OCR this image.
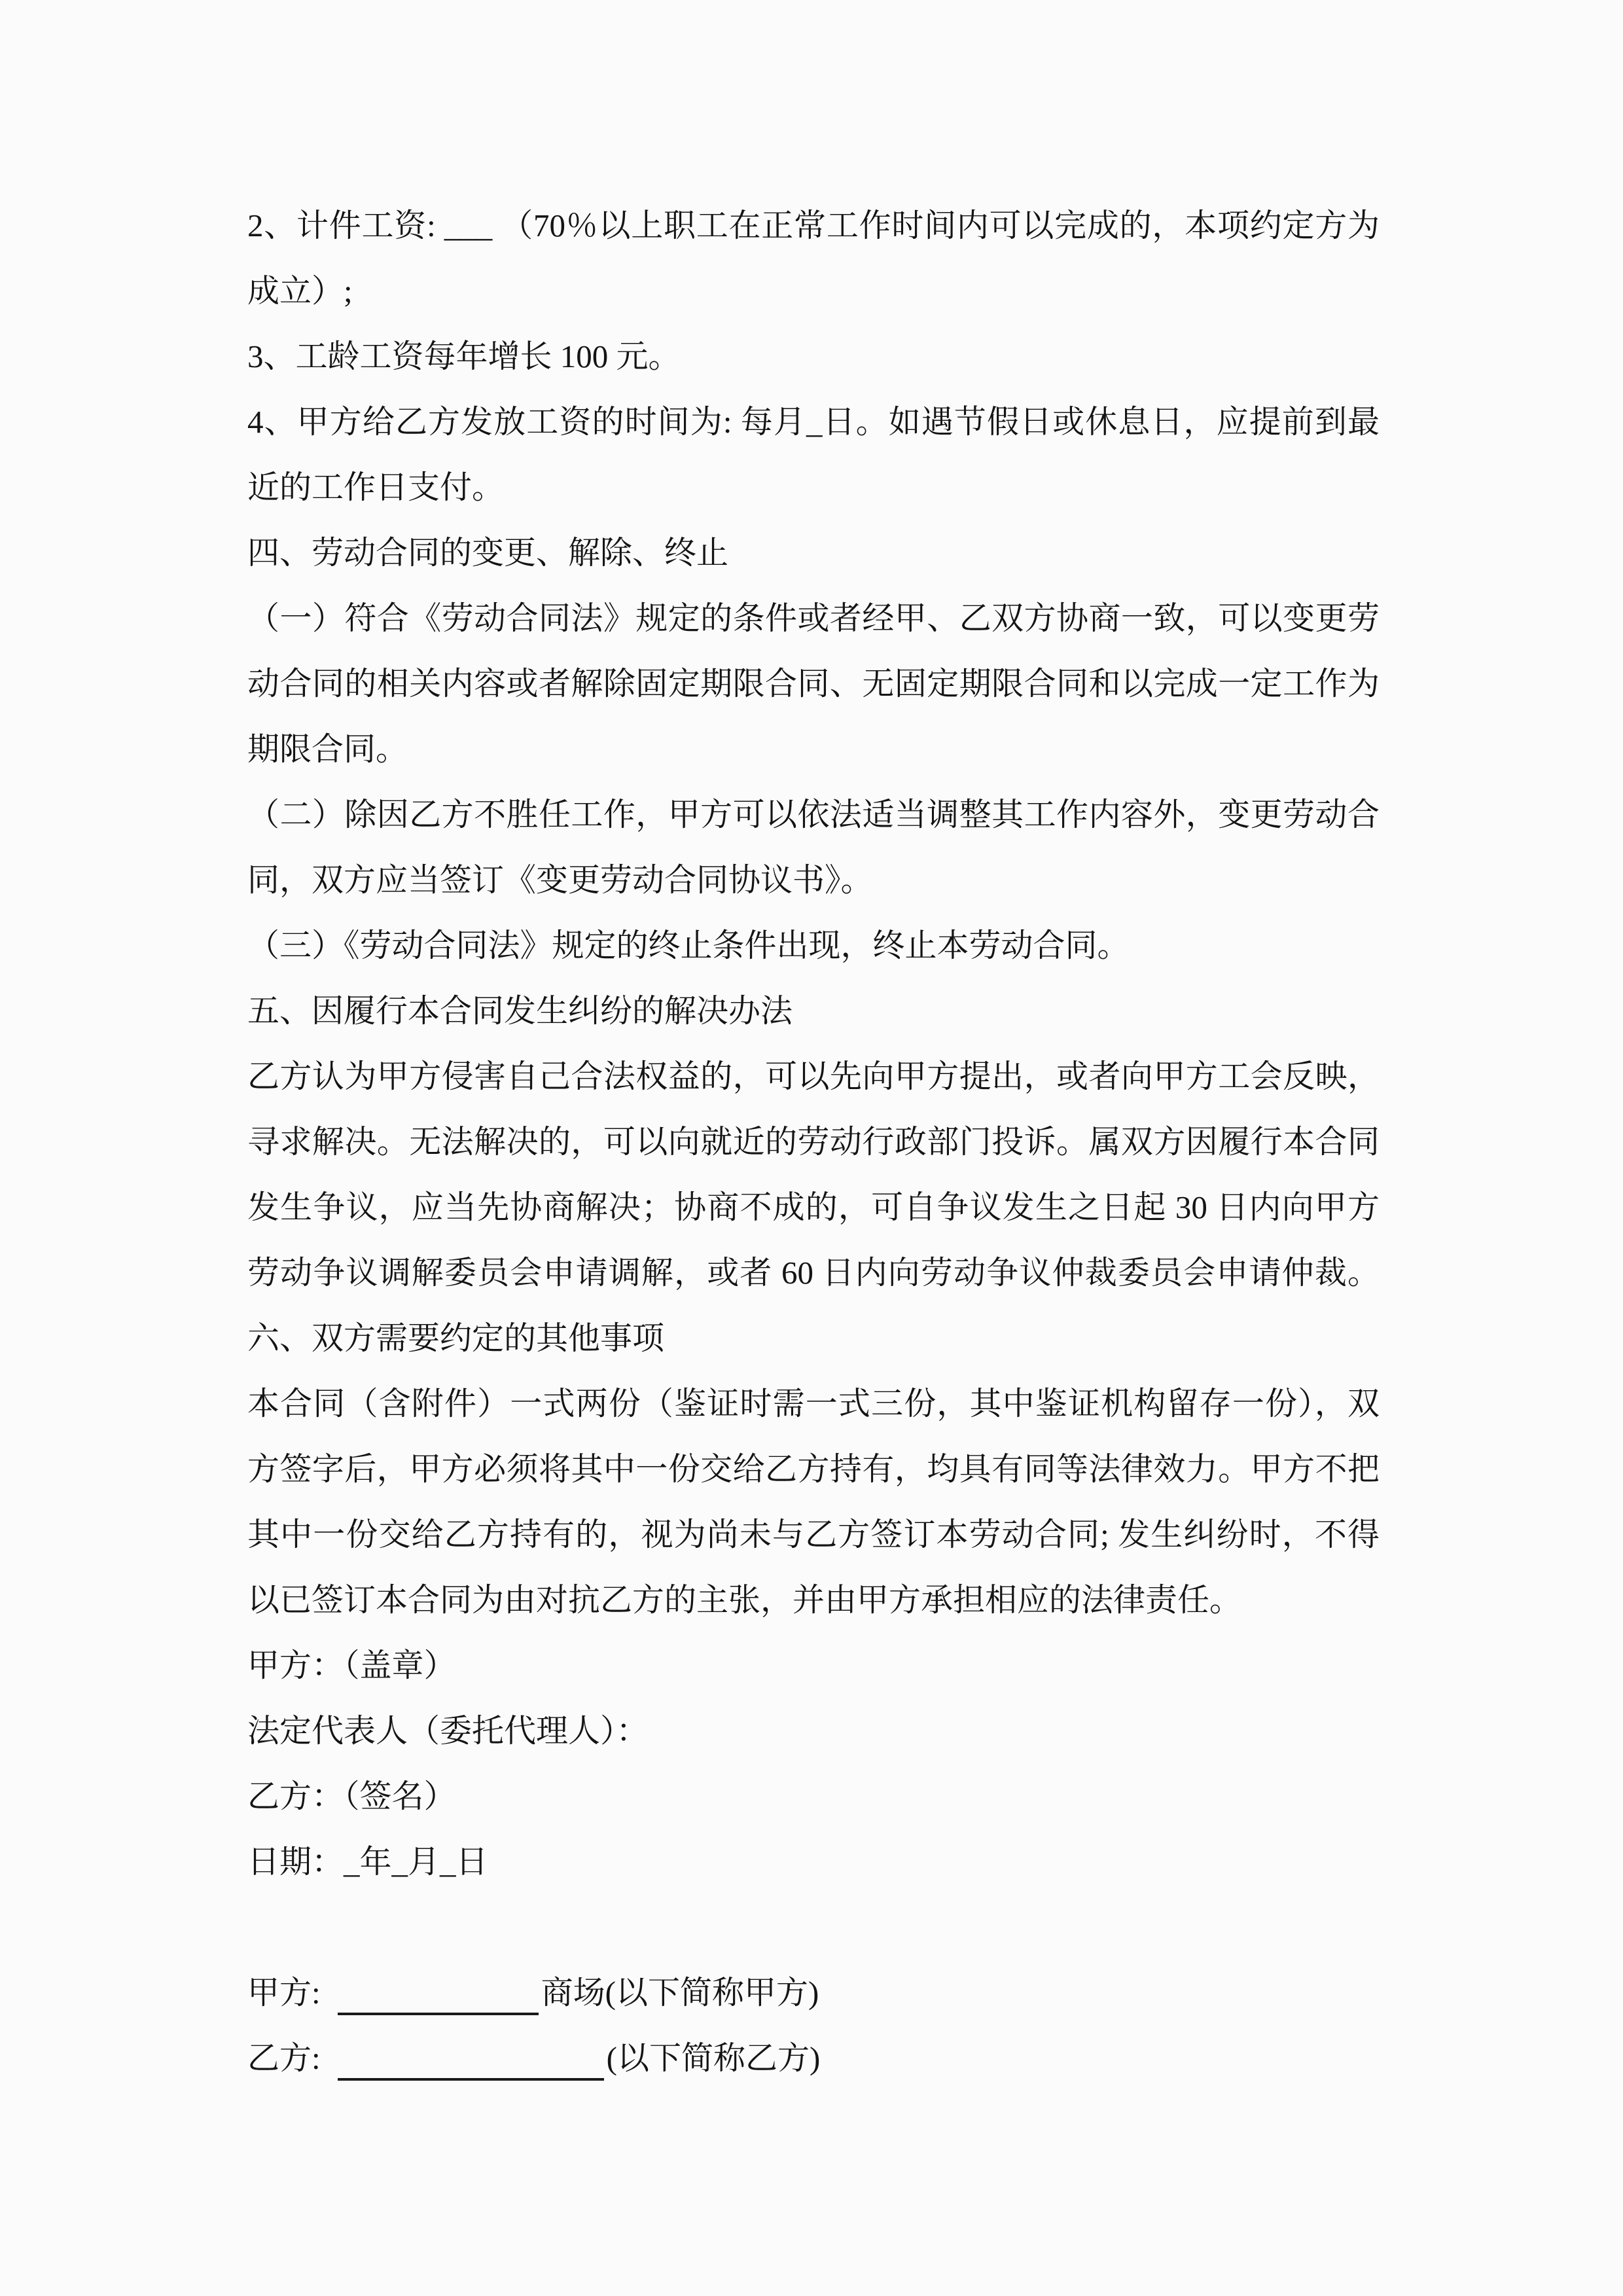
2、计件工资: ___ （70％以上职工在正常工作时间内可以完成的，本项约定方为
成立）;
3、工龄工资每年增长 100 元。
4、甲方给乙方发放工资的时间为: 每月_日。如遇节假日或休息日，应提前到最
近的工作日支付。
四、劳动合同的变更、解除、终止
（一）符合《劳动合同法》规定的条件或者经甲、乙双方协商一致，可以变更劳
动合同的相关内容或者解除固定期限合同、无固定期限合同和以完成一定工作为
期限合同。
（二）除因乙方不胜任工作，甲方可以依法适当调整其工作内容外，变更劳动合
同，双方应当签订《变更劳动合同协议书》。
（三）《劳动合同法》规定的终止条件出现，终止本劳动合同。
五、因履行本合同发生纠纷的解决办法
乙方认为甲方侵害自己合法权益的，可以先向甲方提出，或者向甲方工会反映，
寻求解决。无法解决的，可以向就近的劳动行政部门投诉。属双方因履行本合同
发生争议，应当先协商解决；协商不成的，可自争议发生之日起 30 日内向甲方
劳动争议调解委员会申请调解，或者 60 日内向劳动争议仲裁委员会申请仲裁。
六、双方需要约定的其他事项
本合同（含附件）一式两份（鉴证时需一式三份，其中鉴证机构留存一份），双
方签字后，甲方必须将其中一份交给乙方持有，均具有同等法律效力。甲方不把
其中一份交给乙方持有的，视为尚未与乙方签订本劳动合同; 发生纠纷时，不得
以已签订本合同为由对抗乙方的主张，并由甲方承担相应的法律责任。
甲方：（盖章）
法定代表人（委托代理人）：
乙方：（签名）
日期：_年_月_日
甲方:	商场(以下简称甲方)
乙方:	(以下简称乙方)
